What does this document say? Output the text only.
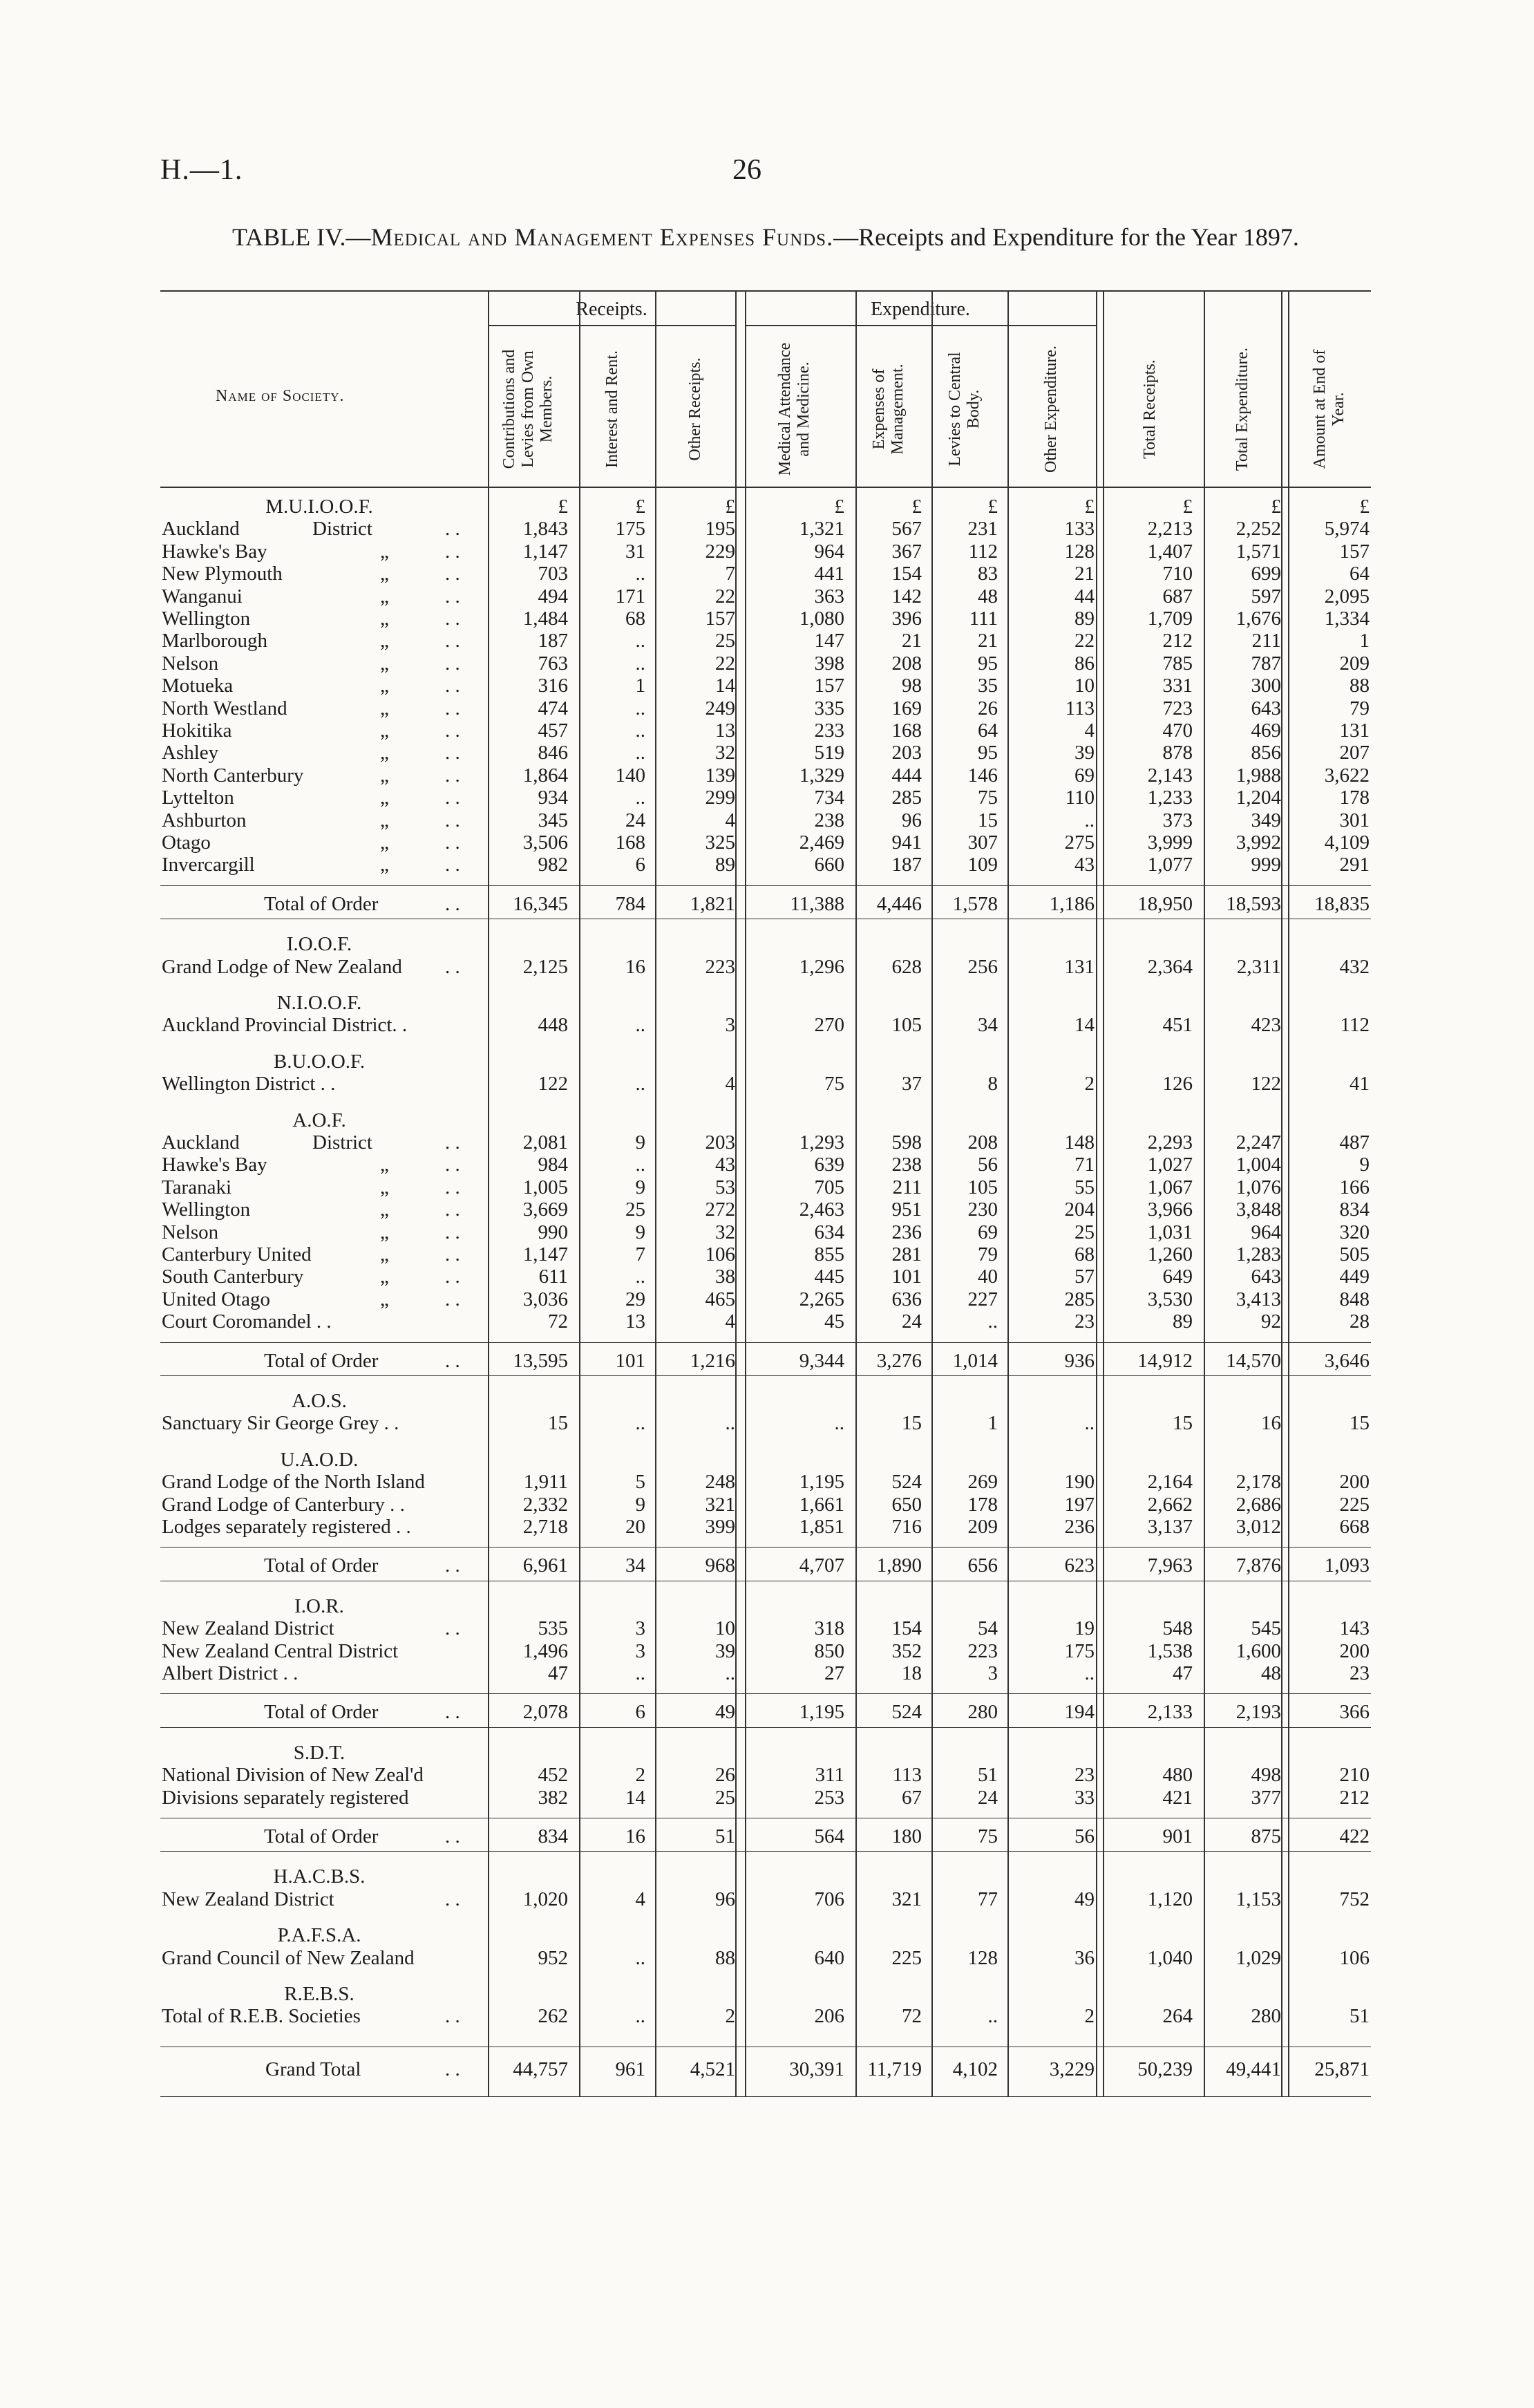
H.—1.	26
TABLE IV.—Medical and Management Expenses Funds.—Receipts and Expenditure for the Year 1897.
Receipts.	Expenditure.
Name of Society.	Contributions and Levies from Own Members.	Interest and Rent.	Other Receipts.	Medical Attendance and Medicine.	Expenses of Management.	Levies to Central Body.	Other Expenditure.	Total Receipts.	Total Expenditure.	Amount at End of Year.
£	£	£	£	£	£	£	£	£	£
M.U.I.O.O.F.
Auckland	District	. .	1,843	175	195	1,321	567	231	133	2,213	2,252	5,974
Hawke's Bay	„	. .	1,147	31	229	964	367	112	128	1,407	1,571	157
New Plymouth	„	. .	703	..	7	441	154	83	21	710	699	64
Wanganui	„	. .	494	171	22	363	142	48	44	687	597	2,095
Wellington	„	. .	1,484	68	157	1,080	396	111	89	1,709	1,676	1,334
Marlborough	„	. .	187	..	25	147	21	21	22	212	211	1
Nelson	„	. .	763	..	22	398	208	95	86	785	787	209
Motueka	„	. .	316	1	14	157	98	35	10	331	300	88
North Westland	„	. .	474	..	249	335	169	26	113	723	643	79
Hokitika	„	. .	457	..	13	233	168	64	4	470	469	131
Ashley	„	. .	846	..	32	519	203	95	39	878	856	207
North Canterbury	„	. .	1,864	140	139	1,329	444	146	69	2,143	1,988	3,622
Lyttelton	„	. .	934	..	299	734	285	75	110	1,233	1,204	178
Ashburton	„	. .	345	24	4	238	96	15	..	373	349	301
Otago	„	. .	3,506	168	325	2,469	941	307	275	3,999	3,992	4,109
Invercargill	„	. .	982	6	89	660	187	109	43	1,077	999	291
Total of Order	. .	16,345	784	1,821	11,388	4,446	1,578	1,186	18,950	18,593	18,835
I.O.O.F.
Grand Lodge of New Zealand . .	2,125	16	223	1,296	628	256	131	2,364	2,311	432
N.I.O.O.F.
Auckland Provincial District. .	448	..	3	270	105	34	14	451	423	112
B.U.O.O.F.
Wellington District . .	122	..	4	75	37	8	2	126	122	41
A.O.F.
Auckland	District	. .	2,081	9	203	1,293	598	208	148	2,293	2,247	487
Hawke's Bay	„	. .	984	..	43	639	238	56	71	1,027	1,004	9
Taranaki	„	. .	1,005	9	53	705	211	105	55	1,067	1,076	166
Wellington	„	. .	3,669	25	272	2,463	951	230	204	3,966	3,848	834
Nelson	„	. .	990	9	32	634	236	69	25	1,031	964	320
Canterbury United	„	. .	1,147	7	106	855	281	79	68	1,260	1,283	505
South Canterbury	„	. .	611	..	38	445	101	40	57	649	643	449
United Otago	„	. .	3,036	29	465	2,265	636	227	285	3,530	3,413	848
Court Coromandel . .	72	13	4	45	24	..	23	89	92	28
Total of Order	. .	13,595	101	1,216	9,344	3,276	1,014	936	14,912	14,570	3,646
A.O.S.
Sanctuary Sir George Grey . .	15	..	..	..	15	1	..	15	16	15
U.A.O.D.
Grand Lodge of the North Island	1,911	5	248	1,195	524	269	190	2,164	2,178	200
Grand Lodge of Canterbury . .	2,332	9	321	1,661	650	178	197	2,662	2,686	225
Lodges separately registered . .	2,718	20	399	1,851	716	209	236	3,137	3,012	668
Total of Order	. .	6,961	34	968	4,707	1,890	656	623	7,963	7,876	1,093
I.O.R.
New Zealand District	. .	535	3	10	318	154	54	19	548	545	143
New Zealand Central District	1,496	3	39	850	352	223	175	1,538	1,600	200
Albert District . .	47	..	..	27	18	3	..	47	48	23
Total of Order	. .	2,078	6	49	1,195	524	280	194	2,133	2,193	366
S.D.T.
National Division of New Zeal'd	452	2	26	311	113	51	23	480	498	210
Divisions separately registered	382	14	25	253	67	24	33	421	377	212
Total of Order	. .	834	16	51	564	180	75	56	901	875	422
H.A.C.B.S.
New Zealand District	. .	1,020	4	96	706	321	77	49	1,120	1,153	752
P.A.F.S.A.
Grand Council of New Zealand	952	..	88	640	225	128	36	1,040	1,029	106
R.E.B.S.
Total of R.E.B. Societies	. .	262	..	2	206	72	..	2	264	280	51
Grand Total	. .	44,757	961	4,521	30,391	11,719	4,102	3,229	50,239	49,441	25,871
